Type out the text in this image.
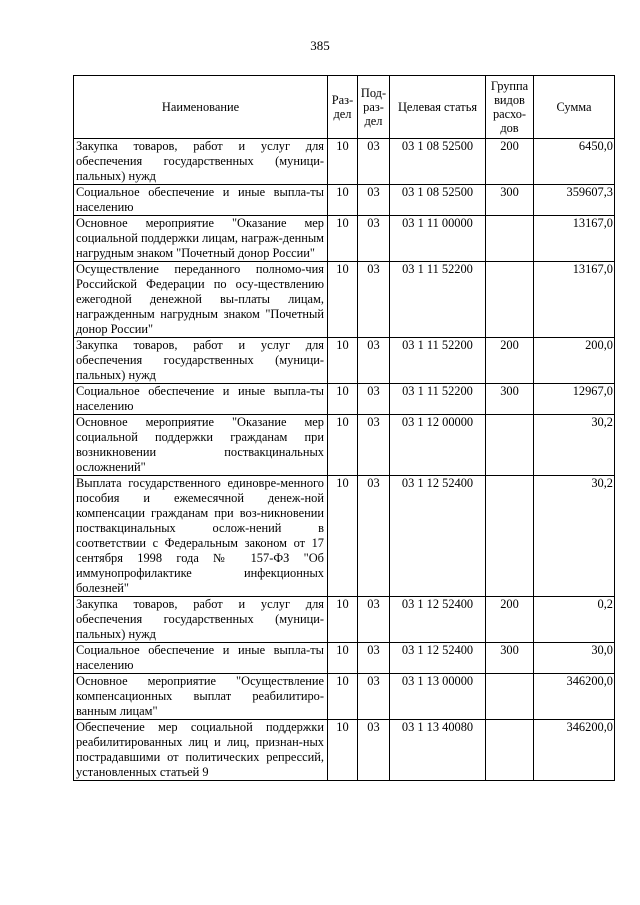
385
Наименование	Раз-дел	Под-раз-дел	Целевая статья	Группа видов расхо-дов	Сумма
Закупка товаров, работ и услуг для обеспечения государственных (муници-пальных) нужд	10	03	03 1 08 52500	200	6450,0
Социальное обеспечение и иные выпла-ты населению	10	03	03 1 08 52500	300	359607,3
Основное мероприятие "Оказание мер социальной поддержки лицам, награж-денным нагрудным знаком "Почетный донор России"	10	03	03 1 11 00000		13167,0
Осуществление переданного полномо-чия Российской Федерации по осу-ществлению ежегодной денежной вы-платы лицам, награжденным нагрудным знаком "Почетный донор России"	10	03	03 1 11 52200		13167,0
Закупка товаров, работ и услуг для обеспечения государственных (муници-пальных) нужд	10	03	03 1 11 52200	200	200,0
Социальное обеспечение и иные выпла-ты населению	10	03	03 1 11 52200	300	12967,0
Основное мероприятие "Оказание мер социальной поддержки гражданам при возникновении поствакцинальных осложнений"	10	03	03 1 12 00000		30,2
Выплата государственного единовре-менного пособия и ежемесячной денеж-ной компенсации гражданам при воз-никновении поствакцинальных ослож-нений в соответствии с Федеральным законом от 17 сентября 1998 года № 157-ФЗ "Об иммунопрофилактике инфекционных болезней"	10	03	03 1 12 52400		30,2
Закупка товаров, работ и услуг для обеспечения государственных (муници-пальных) нужд	10	03	03 1 12 52400	200	0,2
Социальное обеспечение и иные выпла-ты населению	10	03	03 1 12 52400	300	30,0
Основное мероприятие "Осуществление компенсационных выплат реабилитиро-ванным лицам"	10	03	03 1 13 00000		346200,0
Обеспечение мер социальной поддержки реабилитированных лиц и лиц, признан-ных пострадавшими от политических репрессий, установленных статьей 9	10	03	03 1 13 40080		346200,0
